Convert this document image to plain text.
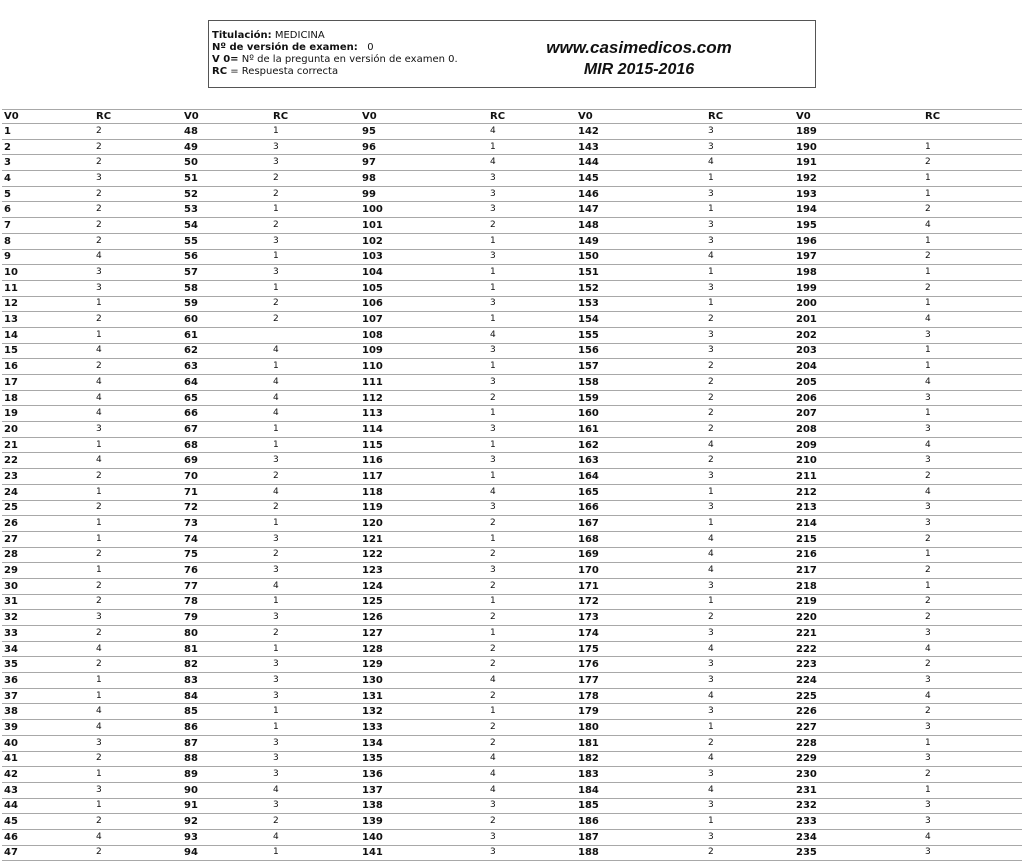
Titulación: MEDICINA
Nº de versión de examen: 0
V 0= Nº de la pregunta en versión de examen 0.
RC = Respuesta correcta
www.casimedicos.com
MIR 2015-2016
V0	RC	V0	RC	V0	RC	V0	RC	V0	RC
1	2	48	1	95	4	142	3	189	
2	2	49	3	96	1	143	3	190	1
3	2	50	3	97	4	144	4	191	2
4	3	51	2	98	3	145	1	192	1
5	2	52	2	99	3	146	3	193	1
6	2	53	1	100	3	147	1	194	2
7	2	54	2	101	2	148	3	195	4
8	2	55	3	102	1	149	3	196	1
9	4	56	1	103	3	150	4	197	2
10	3	57	3	104	1	151	1	198	1
11	3	58	1	105	1	152	3	199	2
12	1	59	2	106	3	153	1	200	1
13	2	60	2	107	1	154	2	201	4
14	1	61		108	4	155	3	202	3
15	4	62	4	109	3	156	3	203	1
16	2	63	1	110	1	157	2	204	1
17	4	64	4	111	3	158	2	205	4
18	4	65	4	112	2	159	2	206	3
19	4	66	4	113	1	160	2	207	1
20	3	67	1	114	3	161	2	208	3
21	1	68	1	115	1	162	4	209	4
22	4	69	3	116	3	163	2	210	3
23	2	70	2	117	1	164	3	211	2
24	1	71	4	118	4	165	1	212	4
25	2	72	2	119	3	166	3	213	3
26	1	73	1	120	2	167	1	214	3
27	1	74	3	121	1	168	4	215	2
28	2	75	2	122	2	169	4	216	1
29	1	76	3	123	3	170	4	217	2
30	2	77	4	124	2	171	3	218	1
31	2	78	1	125	1	172	1	219	2
32	3	79	3	126	2	173	2	220	2
33	2	80	2	127	1	174	3	221	3
34	4	81	1	128	2	175	4	222	4
35	2	82	3	129	2	176	3	223	2
36	1	83	3	130	4	177	3	224	3
37	1	84	3	131	2	178	4	225	4
38	4	85	1	132	1	179	3	226	2
39	4	86	1	133	2	180	1	227	3
40	3	87	3	134	2	181	2	228	1
41	2	88	3	135	4	182	4	229	3
42	1	89	3	136	4	183	3	230	2
43	3	90	4	137	4	184	4	231	1
44	1	91	3	138	3	185	3	232	3
45	2	92	2	139	2	186	1	233	3
46	4	93	4	140	3	187	3	234	4
47	2	94	1	141	3	188	2	235	3
